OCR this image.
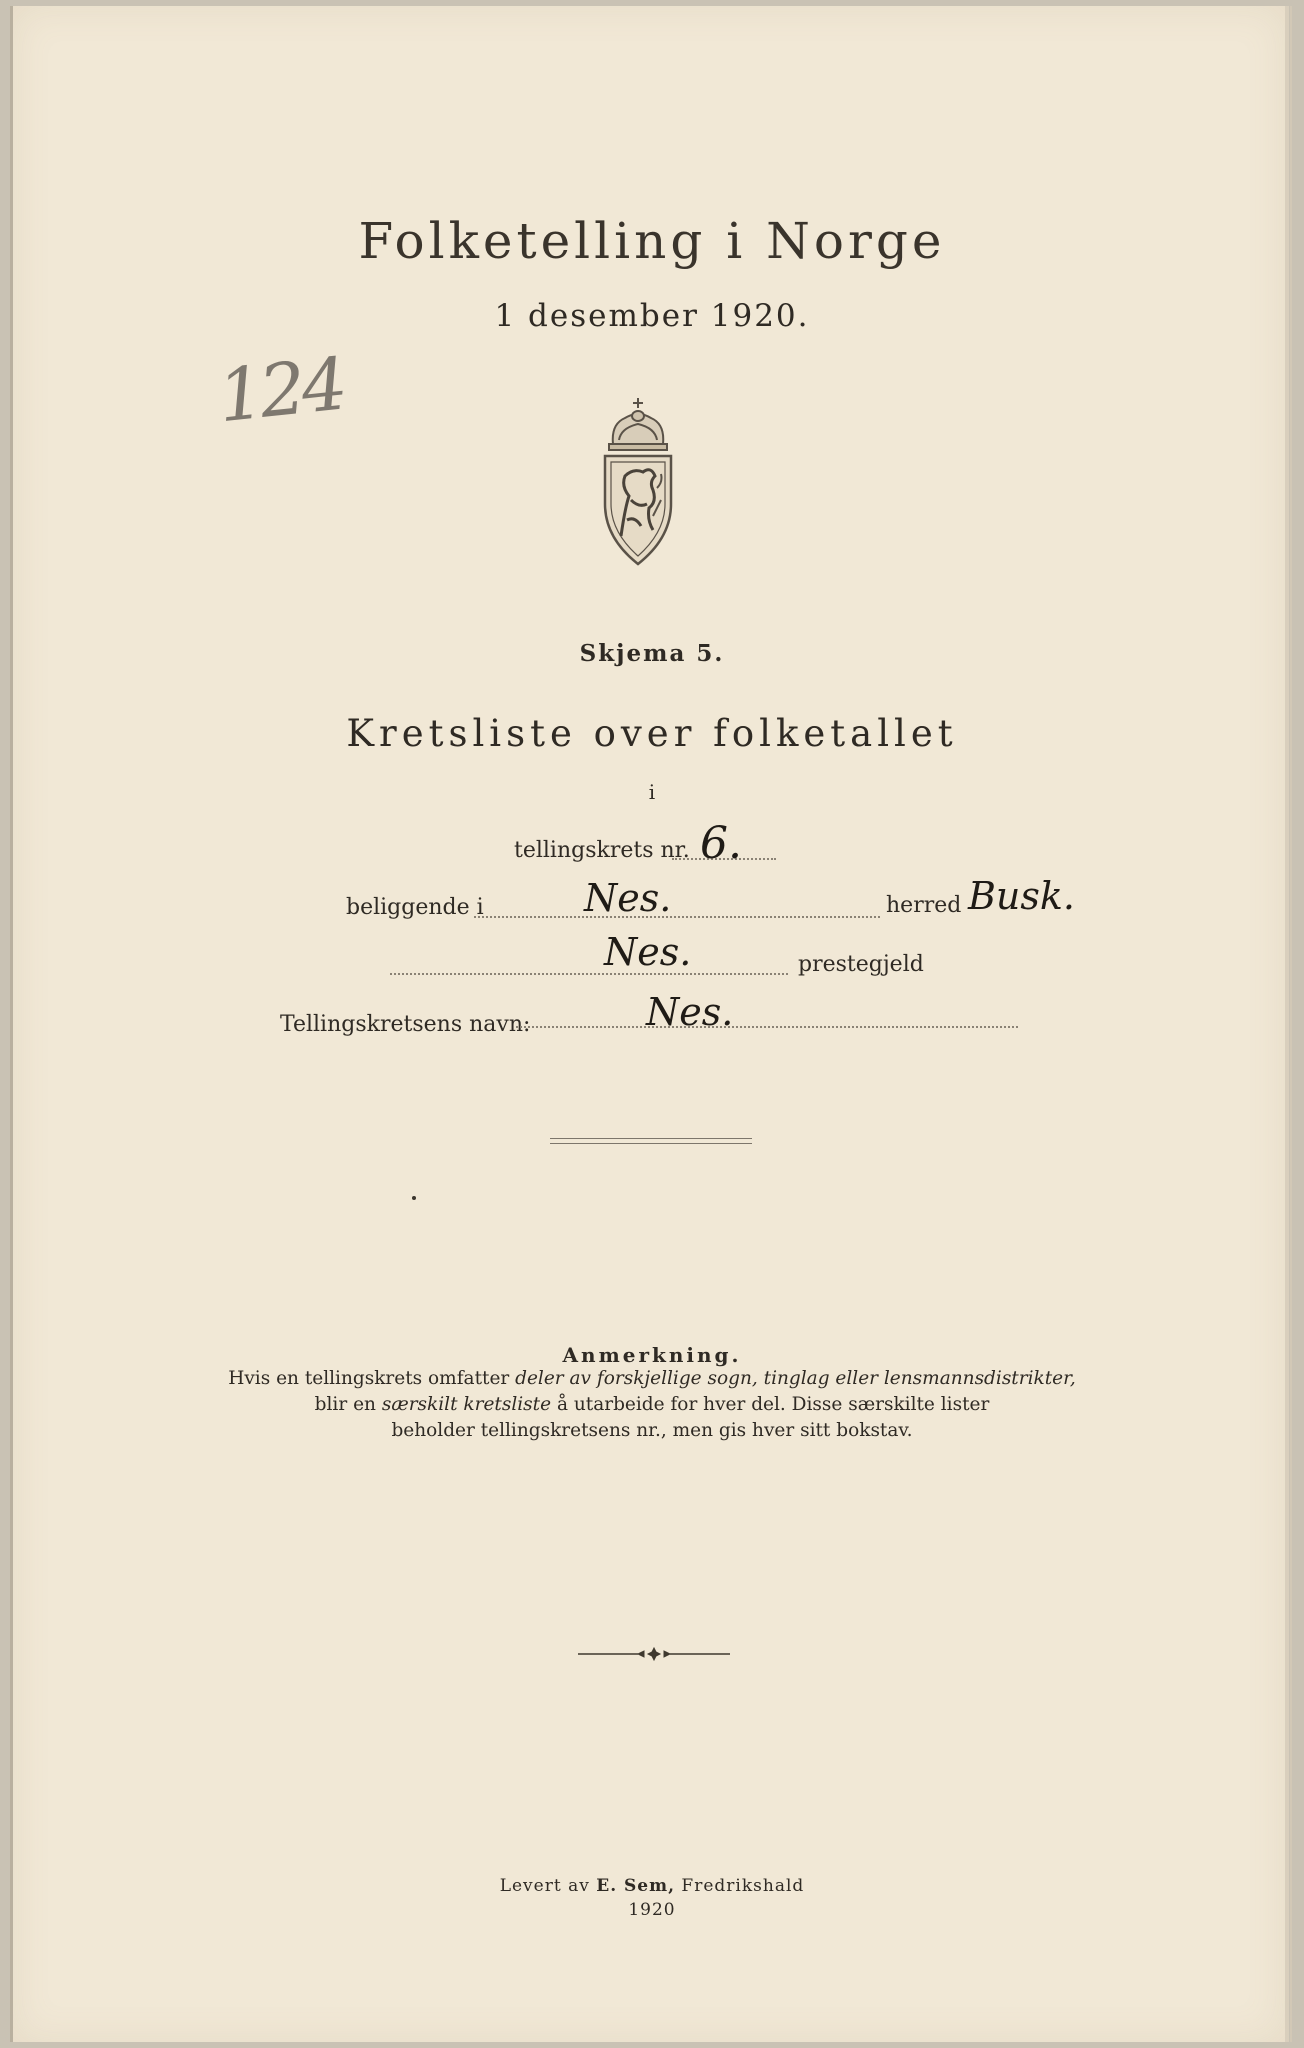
Folketelling i Norge
1 desember 1920.
124
Skjema 5.
Kretsliste over folketallet
i
tellingskrets nr. 6.
beliggende i	Nes.	herred Busk.
Nes.	prestegjeld
Tellingskretsens navn:	Nes.
Anmerkning.
Hvis en tellingskrets omfatter deler av forskjellige sogn, tinglag eller lensmannsdistrikter,
blir en særskilt kretsliste å utarbeide for hver del. Disse særskilte lister
beholder tellingskretsens nr., men gis hver sitt bokstav.
Levert av E. Sem, Fredrikshald
1920
